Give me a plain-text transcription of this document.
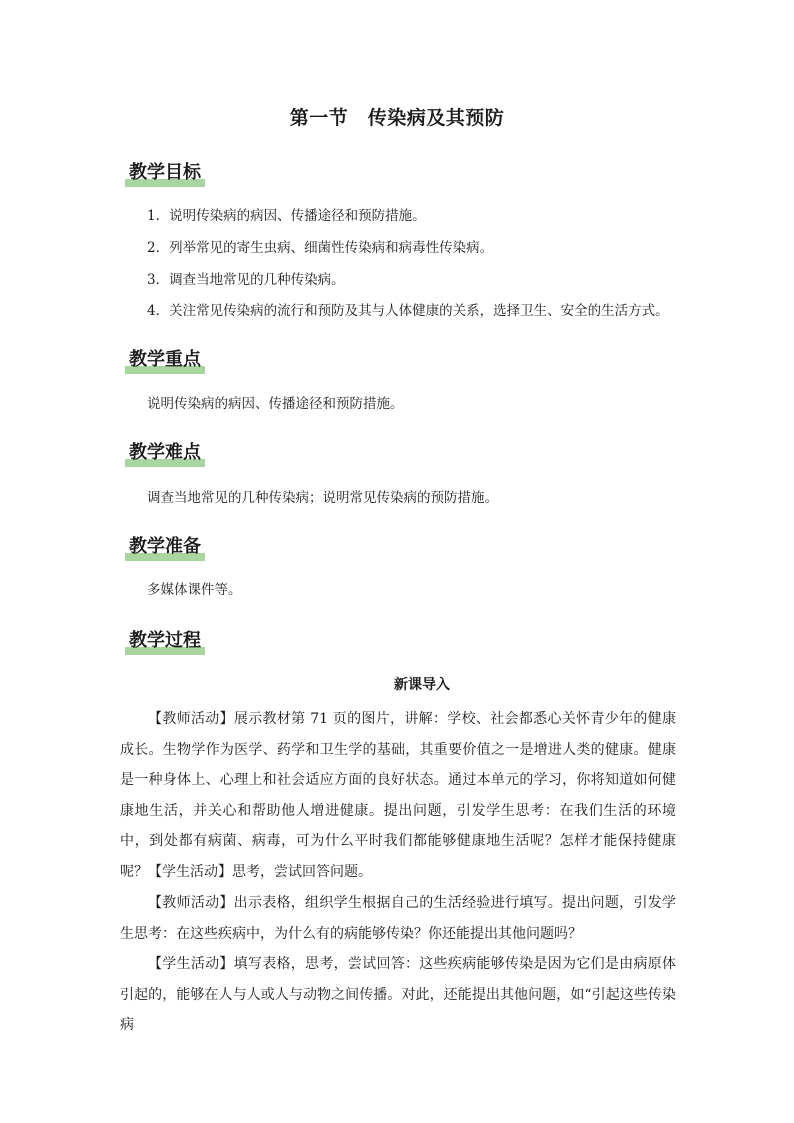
第一节　传染病及其预防
教学目标

1．说明传染病的病因、传播途径和预防措施。

2．列举常见的寄生虫病、细菌性传染病和病毒性传染病。

3．调查当地常见的几种传染病。

4．关注常见传染病的流行和预防及其与人体健康的关系，选择卫生、安全的生活方式。

教学重点

说明传染病的病因、传播途径和预防措施。

教学难点

调查当地常见的几种传染病；说明常见传染病的预防措施。

教学准备

多媒体课件等。

教学过程
新课导入

【教师活动】展示教材第 71 页的图片，讲解：学校、社会都悉心关怀青少年的健康成长。生物学作为医学、药学和卫生学的基础，其重要价值之一是增进人类的健康。健康是一种身体上、心理上和社会适应方面的良好状态。通过本单元的学习，你将知道如何健康地生活，并关心和帮助他人增进健康。提出问题，引发学生思考：在我们生活的环境中，到处都有病菌、病毒，可为什么平时我们都能够健康地生活呢？怎样才能保持健康呢？ 【学生活动】思考，尝试回答问题。

【教师活动】出示表格，组织学生根据自己的生活经验进行填写。提出问题，引发学生思考：在这些疾病中，为什么有的病能够传染？你还能提出其他问题吗？

【学生活动】填写表格，思考，尝试回答：这些疾病能够传染是因为它们是由病原体引起的，能够在人与人或人与动物之间传播。对此，还能提出其他问题，如“引起这些传染病
